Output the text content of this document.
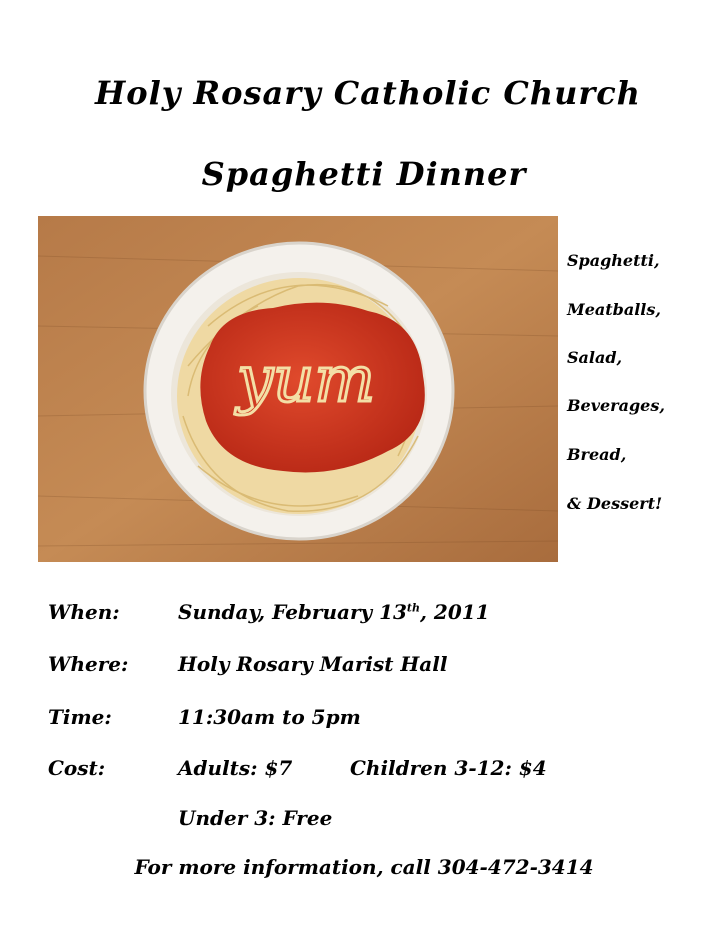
Holy Rosary Catholic Church
Spaghetti Dinner
yum
Spaghetti,
Meatballs,
Salad,
Beverages,
Bread,
& Dessert!
When:	Sunday, February 13th, 2011
Where: Holy Rosary Marist Hall
Time:	11:30am to 5pm
Cost:	Adults: $7	Children 3-12: $4
Under 3: Free
For more information, call 304-472-3414
